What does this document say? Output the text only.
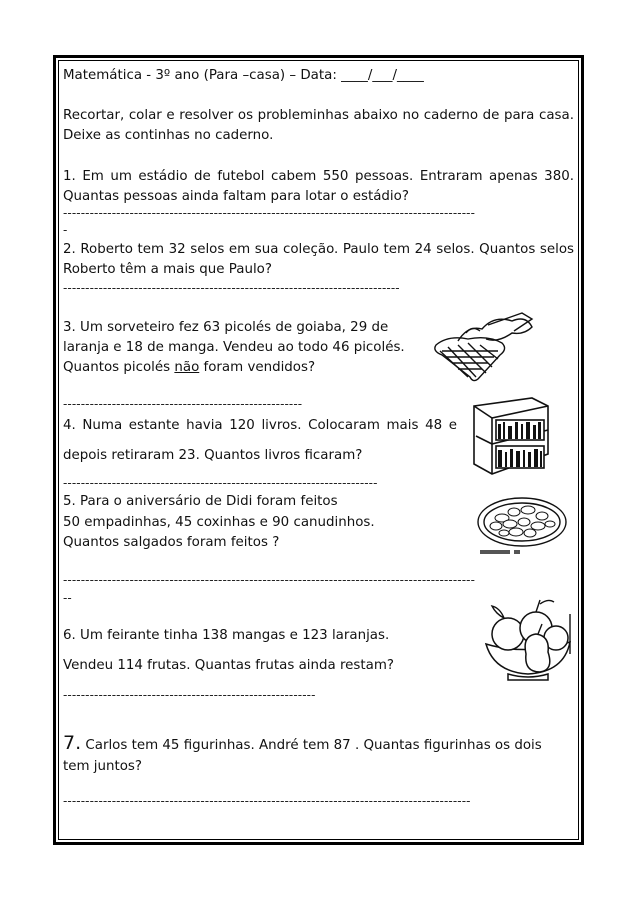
Matemática - 3º ano (Para –casa) – Data: ____/___/____
Recortar, colar e resolver os probleminhas abaixo no caderno de para casa.
Deixe as continhas no caderno.
1. Em um estádio de futebol cabem 550 pessoas. Entraram apenas 380.
Quantas pessoas ainda faltam para lotar o estádio?
---------------------------------------------------------------------------------------------
-
2. Roberto tem 32 selos em sua coleção. Paulo tem 24 selos. Quantos selos
Roberto têm a mais que Paulo?
----------------------------------------------------------------------------
3. Um sorveteiro fez 63 picolés de goiaba, 29 de
laranja e 18 de manga. Vendeu ao todo 46 picolés.
Quantos picolés não foram vendidos?
------------------------------------------------------
4. Numa estante havia 120 livros. Colocaram mais 48 e
depois retiraram 23. Quantos livros ficaram?
-----------------------------------------------------------------------
5. Para o aniversário de Didi foram feitos
50 empadinhas, 45 coxinhas e 90 canudinhos.
Quantos salgados foram feitos ?
---------------------------------------------------------------------------------------------
--
6. Um feirante tinha 138 mangas e 123 laranjas.
Vendeu 114 frutas. Quantas frutas ainda restam?
---------------------------------------------------------
7. Carlos tem 45 figurinhas. André tem 87 . Quantas figurinhas os dois
tem juntos?
--------------------------------------------------------------------------------------------
